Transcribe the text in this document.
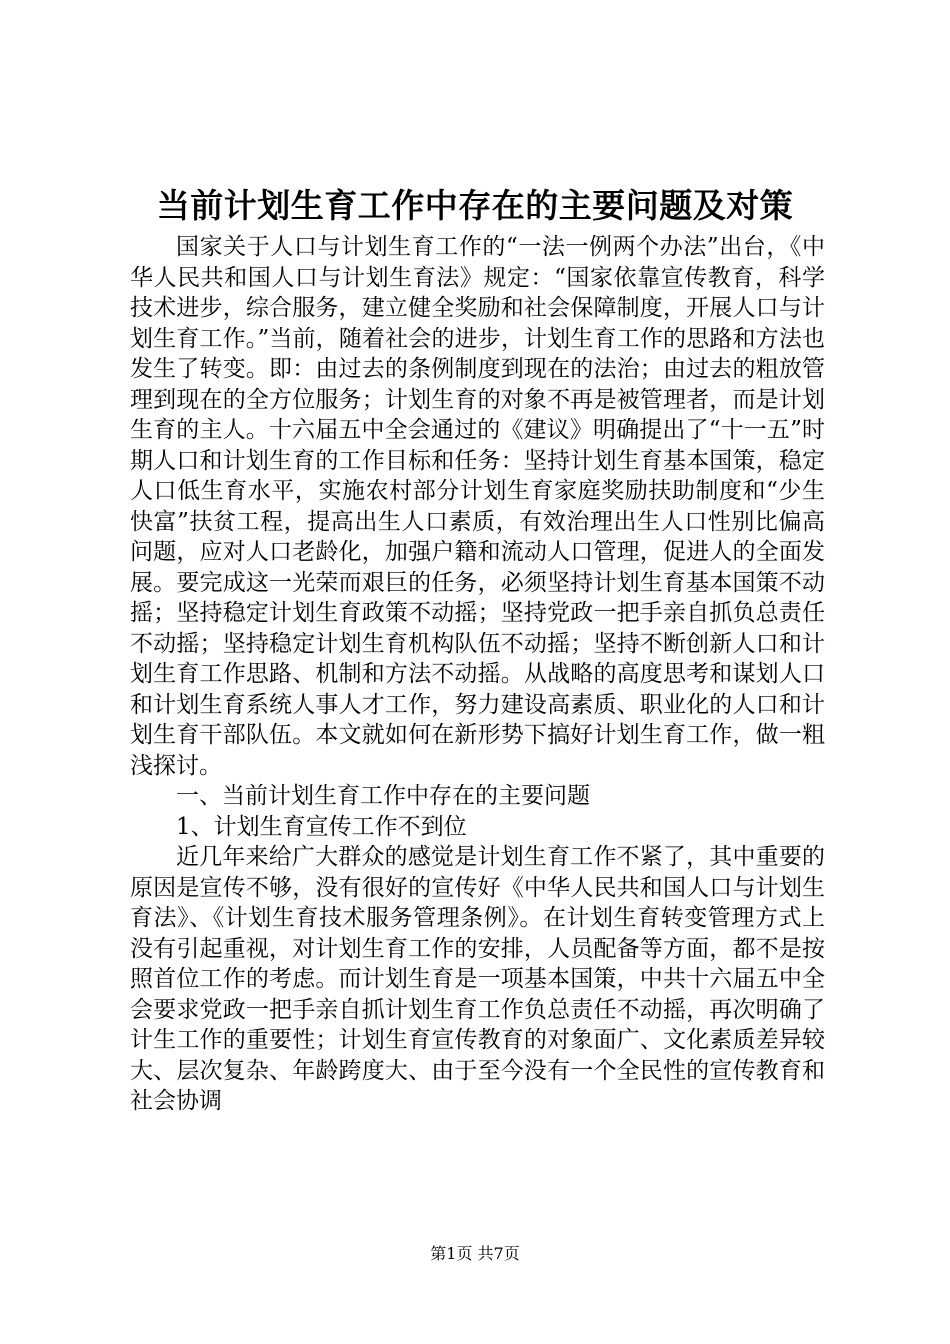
当前计划生育工作中存在的主要问题及对策

国家关于人口与计划生育工作的“一法一例两个办法”出台，《中华人民共和国人口与计划生育法》规定：“国家依靠宣传教育，科学技术进步，综合服务，建立健全奖励和社会保障制度，开展人口与计划生育工作。”当前，随着社会的进步，计划生育工作的思路和方法也发生了转变。即：由过去的条例制度到现在的法治；由过去的粗放管理到现在的全方位服务；计划生育的对象不再是被管理者，而是计划生育的主人。十六届五中全会通过的《建议》明确提出了“十一五”时期人口和计划生育的工作目标和任务：坚持计划生育基本国策，稳定人口低生育水平，实施农村部分计划生育家庭奖励扶助制度和“少生快富”扶贫工程，提高出生人口素质，有效治理出生人口性别比偏高问题，应对人口老龄化，加强户籍和流动人口管理，促进人的全面发展。要完成这一光荣而艰巨的任务，必须坚持计划生育基本国策不动摇；坚持稳定计划生育政策不动摇；坚持党政一把手亲自抓负总责任不动摇；坚持稳定计划生育机构队伍不动摇；坚持不断创新人口和计划生育工作思路、机制和方法不动摇。从战略的高度思考和谋划人口和计划生育系统人事人才工作，努力建设高素质、职业化的人口和计划生育干部队伍。本文就如何在新形势下搞好计划生育工作，做一粗浅探讨。

一、当前计划生育工作中存在的主要问题

1、计划生育宣传工作不到位

近几年来给广大群众的感觉是计划生育工作不紧了，其中重要的原因是宣传不够，没有很好的宣传好《中华人民共和国人口与计划生育法》、《计划生育技术服务管理条例》。在计划生育转变管理方式上没有引起重视，对计划生育工作的安排，人员配备等方面，都不是按照首位工作的考虑。而计划生育是一项基本国策，中共十六届五中全会要求党政一把手亲自抓计划生育工作负总责任不动摇，再次明确了计生工作的重要性；计划生育宣传教育的对象面广、文化素质差异较大、层次复杂、年龄跨度大、由于至今没有一个全民性的宣传教育和社会协调

第1页 共7页
